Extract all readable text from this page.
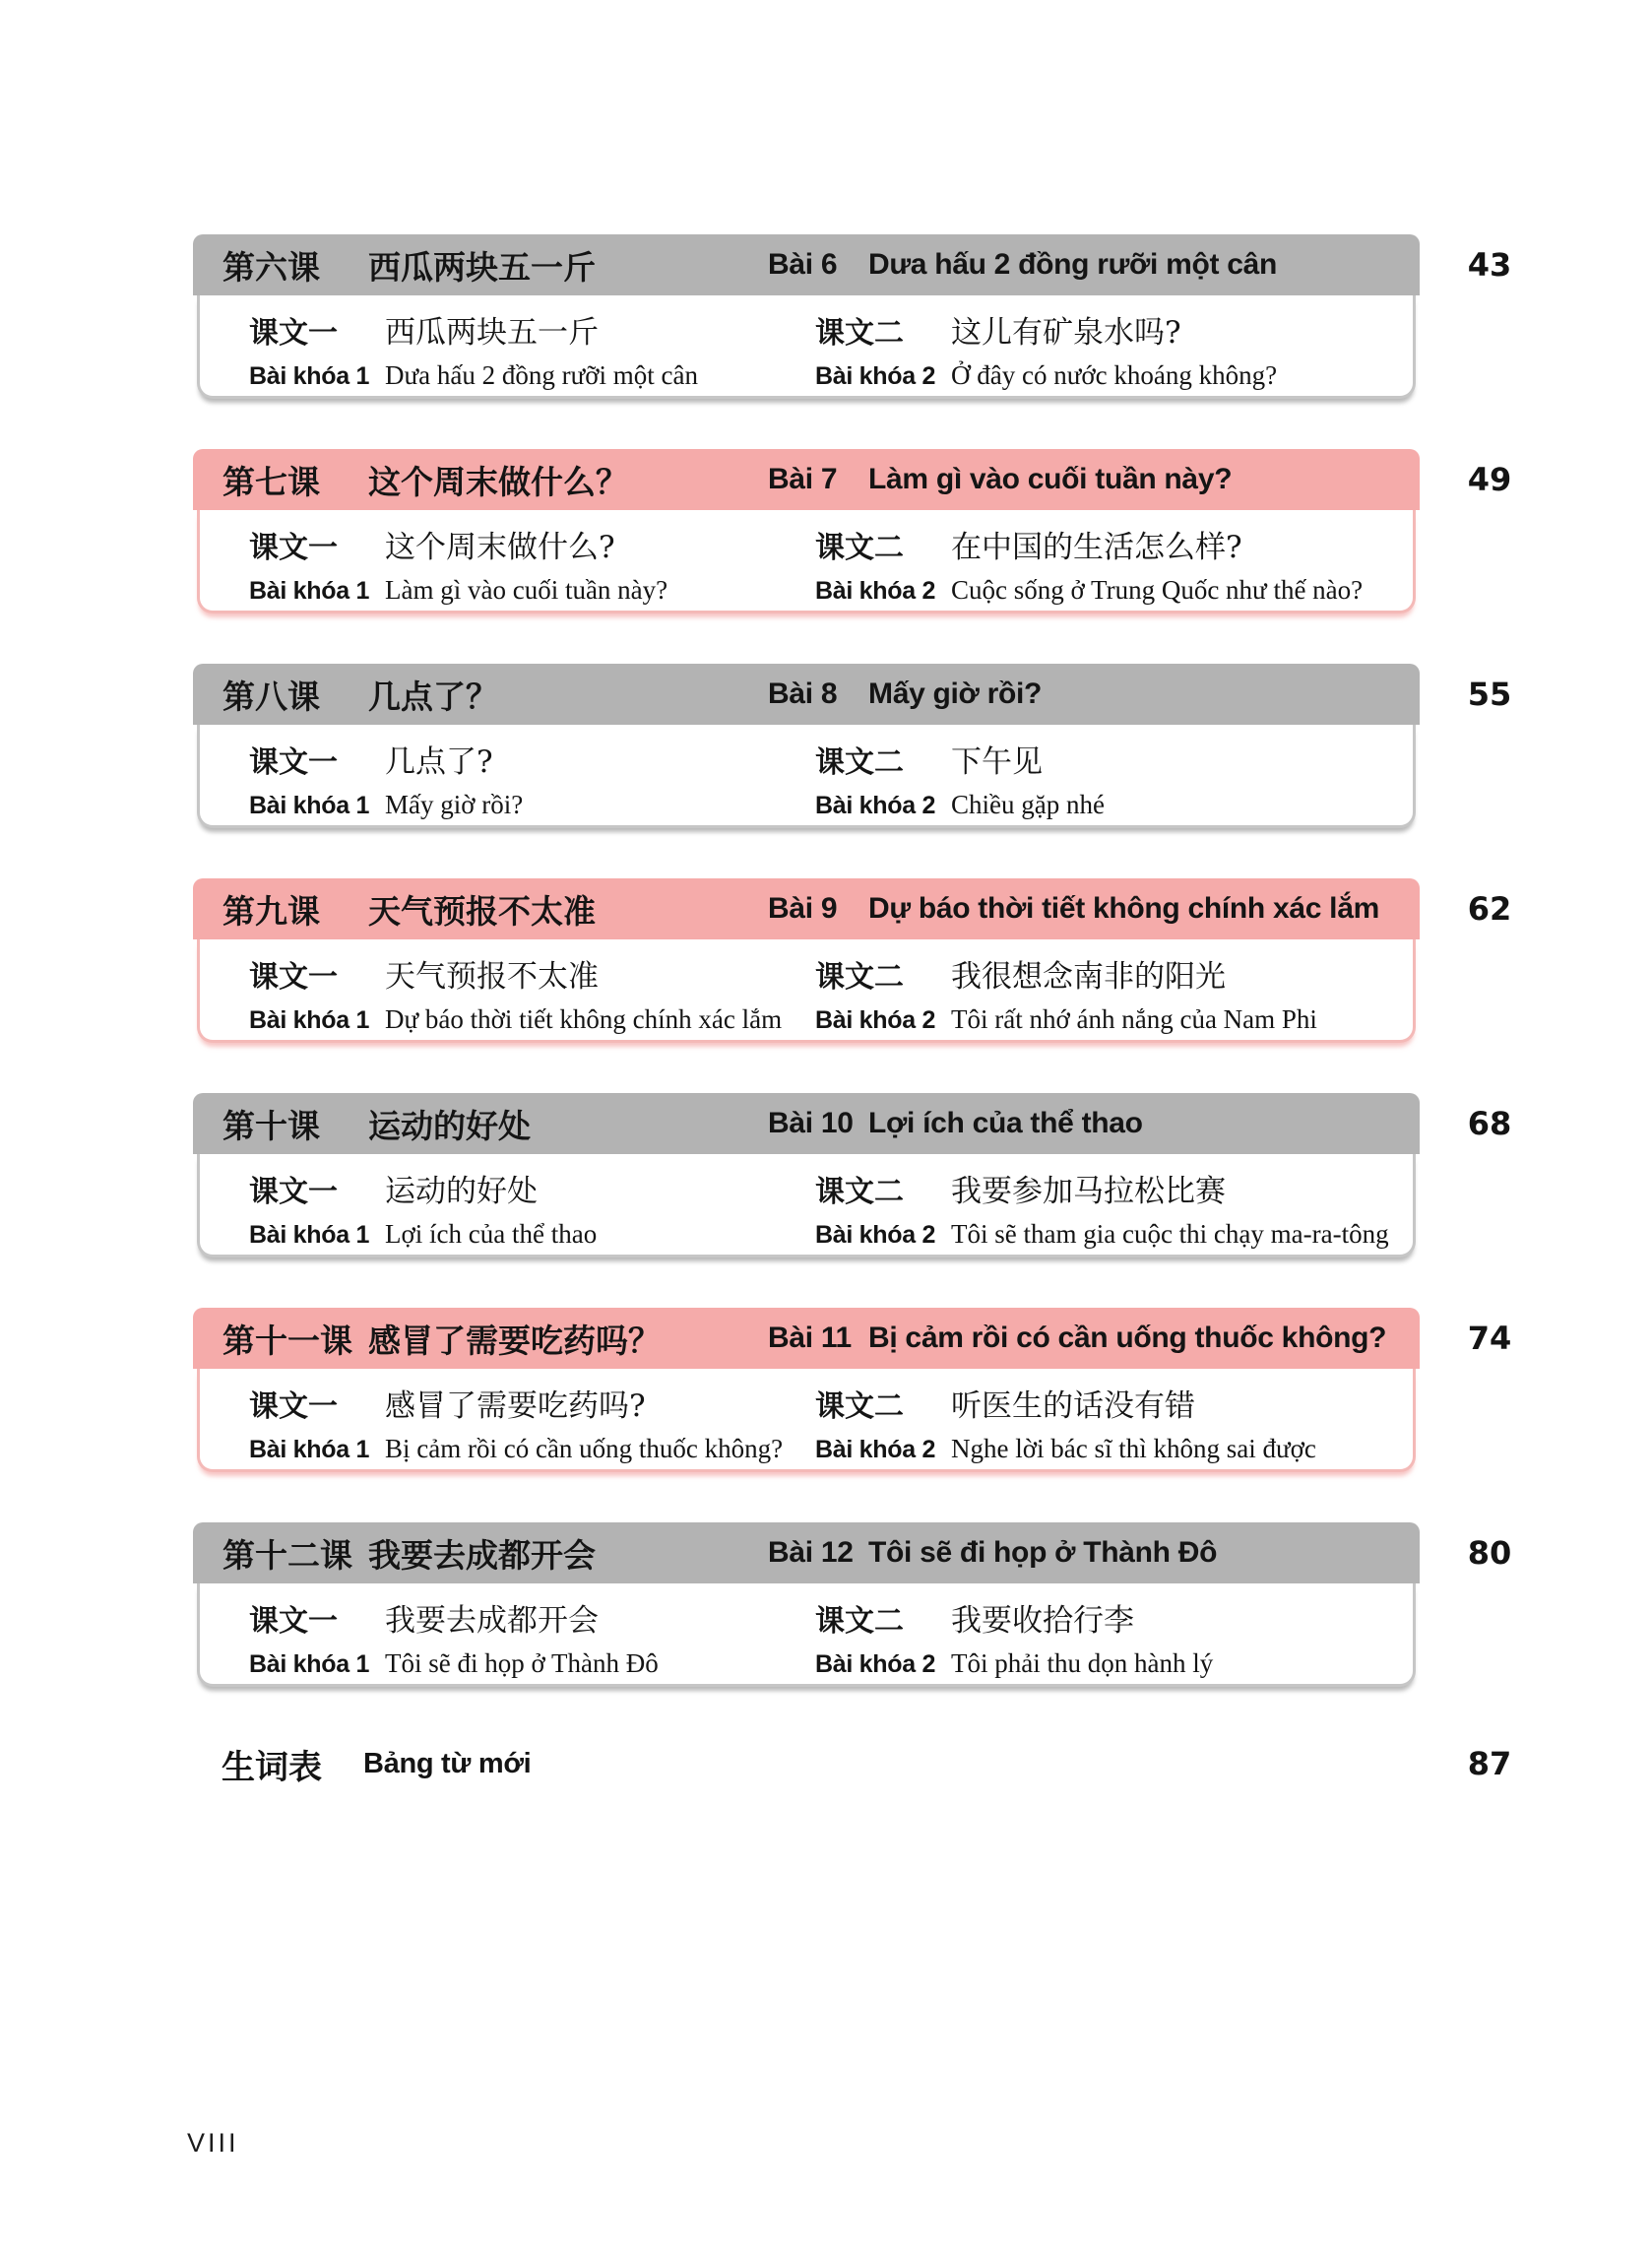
第六课	西瓜两块五一斤	Bài 6	Dưa hấu 2 đồng rưỡi một cân	43
课文一	西瓜两块五一斤	课文二	这儿有矿泉水吗?
Bài khóa 1 Dưa hấu 2 đồng rưỡi một cân	Bài khóa 2 Ở đây có nước khoáng không?
第七课	这个周末做什么？	Bài 7	Làm gì vào cuối tuần này?	49
课文一	这个周末做什么?	课文二	在中国的生活怎么样?
Bài khóa 1 Làm gì vào cuối tuần này?	Bài khóa 2 Cuộc sống ở Trung Quốc như thế nào?
第八课	几点了？	Bài 8	Mấy giờ rồi?	55
课文一	几点了?	课文二	下午见
Bài khóa 1 Mấy giờ rồi?	Bài khóa 2 Chiều gặp nhé
第九课	天气预报不太准	Bài 9	Dự báo thời tiết không chính xác lắm	62
课文一	天气预报不太准	课文二	我很想念南非的阳光
Bài khóa 1 Dự báo thời tiết không chính xác lắm Bài khóa 2 Tôi rất nhớ ánh nắng của Nam Phi
第十课	运动的好处	Bài 10 Lợi ích của thể thao	68
课文一	运动的好处	课文二	我要参加马拉松比赛
Bài khóa 1 Lợi ích của thể thao	Bài khóa 2 Tôi sẽ tham gia cuộc thi chạy ma-ra-tông
第十一课 感冒了需要吃药吗？	Bài 11 Bị cảm rồi có cần uống thuốc không?	74
课文一	感冒了需要吃药吗?	课文二	听医生的话没有错
Bài khóa 1 Bị cảm rồi có cần uống thuốc không? Bài khóa 2 Nghe lời bác sĩ thì không sai được
第十二课 我要去成都开会	Bài 12 Tôi sẽ đi họp ở Thành Đô	80
课文一	我要去成都开会	课文二	我要收拾行李
Bài khóa 1 Tôi sẽ đi họp ở Thành Đô	Bài khóa 2 Tôi phải thu dọn hành lý
生词表 Bảng từ mới	87
VIII
